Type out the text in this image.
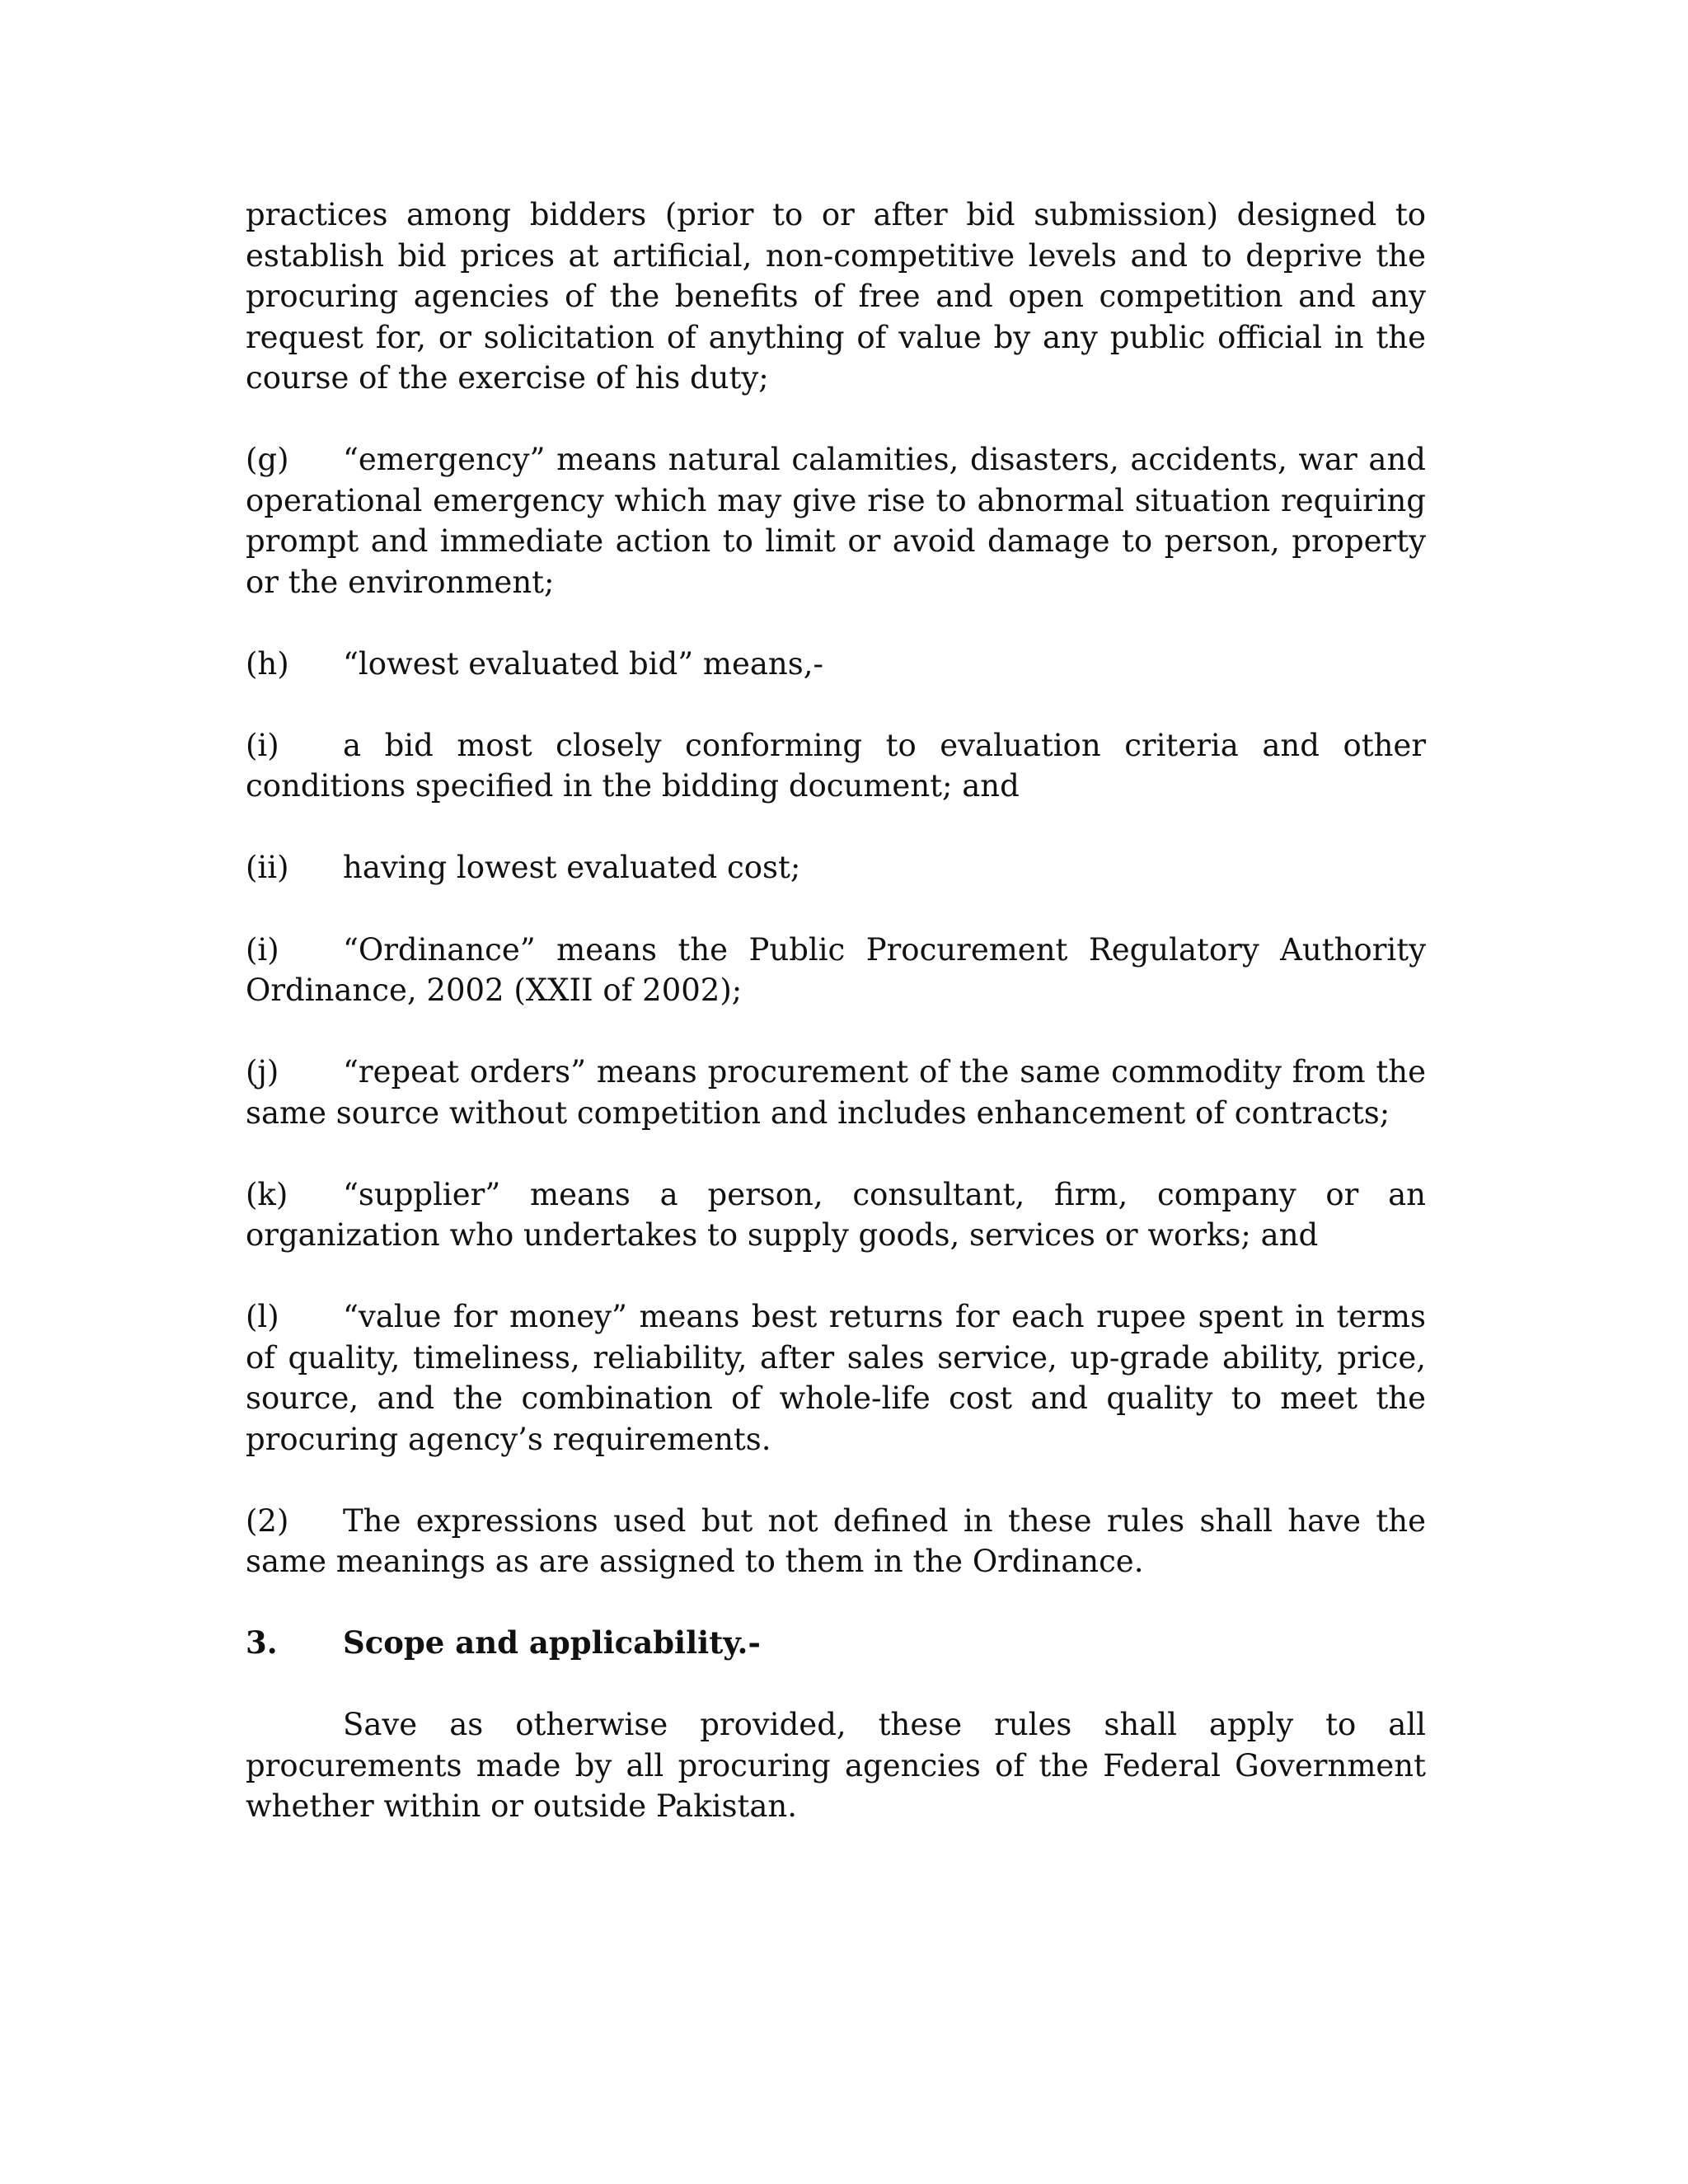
practices among bidders (prior to or after bid submission) designed to establish bid prices at artificial, non-competitive levels and to deprive the procuring agencies of the benefits of free and open competition and any request for, or solicitation of anything of value by any public official in the course of the exercise of his duty;

(g) “emergency” means natural calamities, disasters, accidents, war and operational emergency which may give rise to abnormal situation requiring prompt and immediate action to limit or avoid damage to person, property or the environment;

(h) “lowest evaluated bid” means,-

(i) a bid most closely conforming to evaluation criteria and other conditions specified in the bidding document; and

(ii) having lowest evaluated cost;

(i) “Ordinance” means the Public Procurement Regulatory Authority Ordinance, 2002 (XXII of 2002);

(j) “repeat orders” means procurement of the same commodity from the same source without competition and includes enhancement of contracts;

(k) “supplier” means a person, consultant, firm, company or an organization who undertakes to supply goods, services or works; and

(l) “value for money” means best returns for each rupee spent in terms of quality, timeliness, reliability, after sales service, up-grade ability, price, source, and the combination of whole-life cost and quality to meet the procuring agency’s requirements.

(2) The expressions used but not defined in these rules shall have the same meanings as are assigned to them in the Ordinance.

3. Scope and applicability.-

Save as otherwise provided, these rules shall apply to all procurements made by all procuring agencies of the Federal Government whether within or outside Pakistan.
